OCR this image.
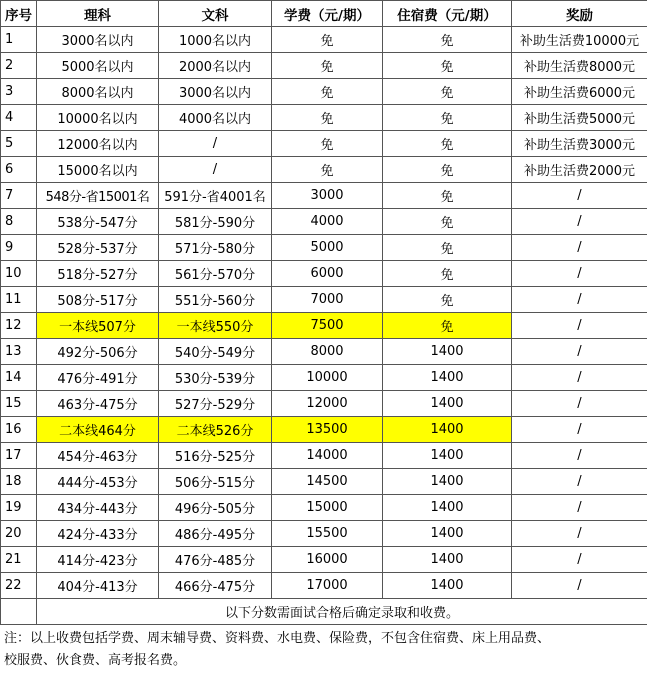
序号	理科	文科	学费（元/期）	住宿费（元/期）	奖励
1	3000名以内	1000名以内	免	免	补助生活费10000元
2	5000名以内	2000名以内	免	免	补助生活费8000元
3	8000名以内	3000名以内	免	免	补助生活费6000元
4	10000名以内	4000名以内	免	免	补助生活费5000元
5	12000名以内	/	免	免	补助生活费3000元
6	15000名以内	/	免	免	补助生活费2000元
7	548分-省15001名	591分-省4001名	3000	免	/
8	538分-547分	581分-590分	4000	免	/
9	528分-537分	571分-580分	5000	免	/
10	518分-527分	561分-570分	6000	免	/
11	508分-517分	551分-560分	7000	免	/
12	一本线507分	一本线550分	7500	免	/
13	492分-506分	540分-549分	8000	1400	/
14	476分-491分	530分-539分	10000	1400	/
15	463分-475分	527分-529分	12000	1400	/
16	二本线464分	二本线526分	13500	1400	/
17	454分-463分	516分-525分	14000	1400	/
18	444分-453分	506分-515分	14500	1400	/
19	434分-443分	496分-505分	15000	1400	/
20	424分-433分	486分-495分	15500	1400	/
21	414分-423分	476分-485分	16000	1400	/
22	404分-413分	466分-475分	17000	1400	/
	以下分数需面试合格后确定录取和收费。				
注：以上收费包括学费、周末辅导费、资料费、水电费、保险费，不包含住宿费、床上用品费、
校服费、伙食费、高考报名费。
